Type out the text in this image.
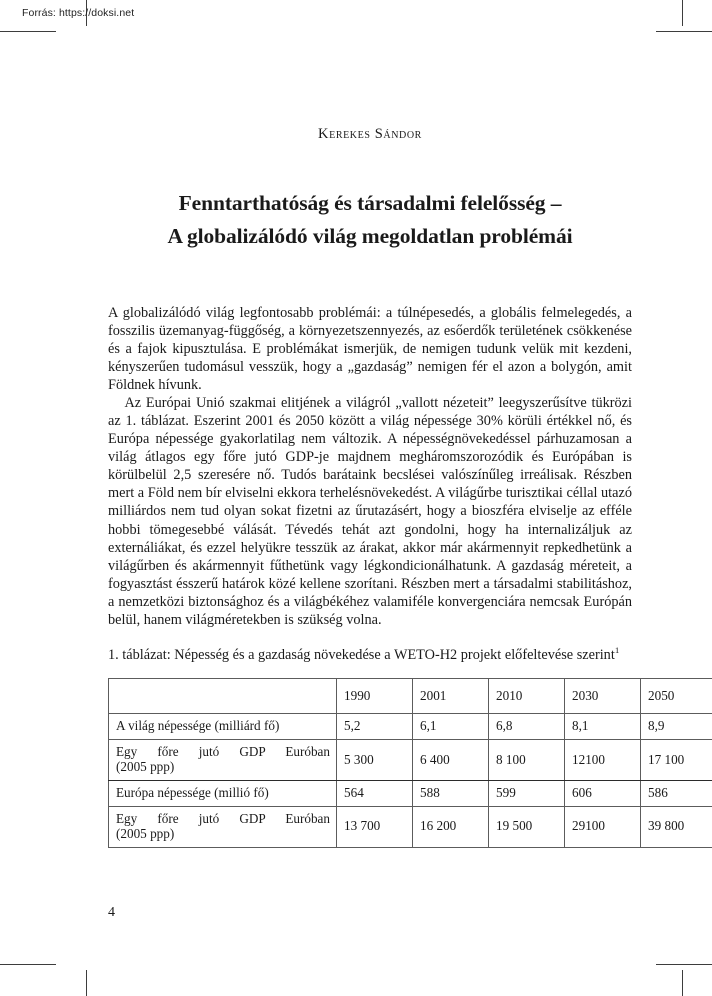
Forrás: https://doksi.net
Kerekes Sándor
Fenntarthatóság és társadalmi felelősség –
A globalizálódó világ megoldatlan problémái

A globalizálódó világ legfontosabb problémái: a túlnépesedés, a globális felmelegedés, a fosszilis üzemanyag-függőség, a környezetszennyezés, az esőerdők területének csökkenése és a fajok kipusztulása. E problémákat ismerjük, de nemigen tudunk velük mit kezdeni, kényszerűen tudomásul vesszük, hogy a „gazdaság” nemigen fér el azon a bolygón, amit Földnek hívunk.

Az Európai Unió szakmai elitjének a világról „vallott nézeteit” leegyszerűsítve tükrözi az 1. táblázat. Eszerint 2001 és 2050 között a világ népessége 30% körüli értékkel nő, és Európa népessége gyakorlatilag nem változik. A népességnövekedéssel párhuzamosan a világ átlagos egy főre jutó GDP-je majdnem megháromszorozódik és Európában is körülbelül 2,5 szeresére nő. Tudós barátaink becslései valószínűleg irreálisak. Részben mert a Föld nem bír elviselni ekkora terhelésnövekedést. A világűrbe turisztikai céllal utazó milliárdos nem tud olyan sokat fizetni az űrutazásért, hogy a bioszféra elviselje az efféle hobbi tömegesebbé válását. Tévedés tehát azt gondolni, hogy ha internalizáljuk az externáliákat, és ezzel helyükre tesszük az árakat, akkor már akármennyit repkedhetünk a világűrben és akármennyit fűthetünk vagy légkondicionálhatunk. A gazdaság méreteit, a fogyasztást ésszerű határok közé kellene szorítani. Részben mert a társadalmi stabilitáshoz, a nemzetközi biztonsághoz és a világbékéhez valamiféle konvergenciára nemcsak Európán belül, hanem világméretekben is szükség volna.

1. táblázat: Népesség és a gazdaság növekedése a WETO-H2 projekt előfeltevése szerint$^1$
	1990	2001	2010	2030	2050
A világ népessége (milliárd fő)	5,2	6,1	6,8	8,1	8,9
Egy főre jutó GDP Euróban

(2005 ppp)	5 300	6 400	8 100	12100	17 100
Európa népessége (millió fő)	564	588	599	606	586
Egy főre jutó GDP Euróban

(2005 ppp)	13 700	16 200	19 500	29100	39 800
4
